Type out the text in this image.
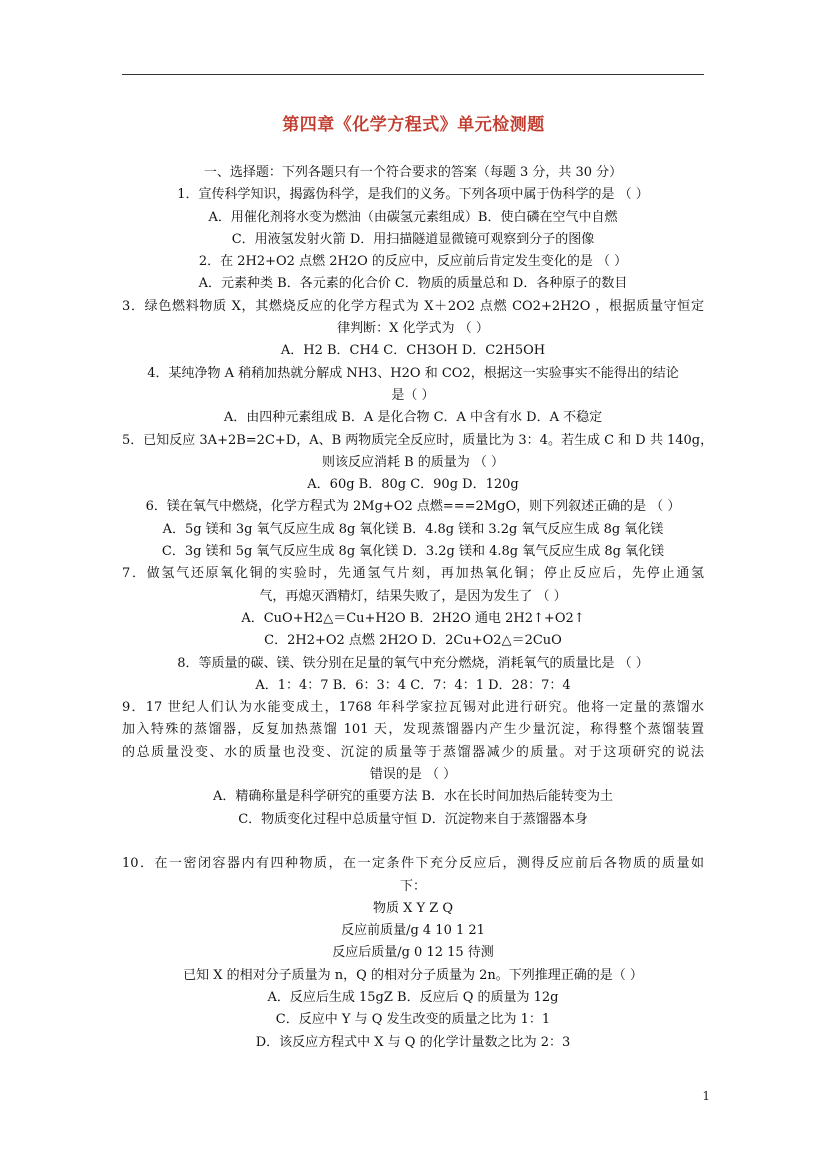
第四章《化学方程式》单元检测题
一、选择题：下列各题只有一个符合要求的答案（每题 3 分，共 30 分）
1．宣传科学知识，揭露伪科学，是我们的义务。下列各项中属于伪科学的是 （ ）
A．用催化剂将水变为燃油（由碳氢元素组成）B．使白磷在空气中自燃
C．用液氢发射火箭 D．用扫描隧道显微镜可观察到分子的图像
2．在 2H2+O2 点燃 2H2O 的反应中，反应前后肯定发生变化的是 （ ）
A．元素种类 B．各元素的化合价 C．物质的质量总和 D．各种原子的数目
3．绿色燃料物质 X，其燃烧反应的化学方程式为 X＋2O2 点燃 CO2+2H2O ，根据质量守恒定
律判断：X 化学式为 （ ）
A．H2 B．CH4 C．CH3OH D．C2H5OH
4．某纯净物 A 稍稍加热就分解成 NH3、H2O 和 CO2，根据这一实验事实不能得出的结论
是（ ）
A．由四种元素组成 B．A 是化合物 C．A 中含有水 D．A 不稳定
5．已知反应 3A+2B=2C+D，A、B 两物质完全反应时，质量比为 3：4。若生成 C 和 D 共 140g，
则该反应消耗 B 的质量为 （ ）
A．60g B．80g C．90g D．120g
6．镁在氧气中燃烧，化学方程式为 2Mg+O2 点燃===2MgO，则下列叙述正确的是 （ ）
A．5g 镁和 3g 氧气反应生成 8g 氧化镁 B．4.8g 镁和 3.2g 氧气反应生成 8g 氧化镁
C．3g 镁和 5g 氧气反应生成 8g 氧化镁 D．3.2g 镁和 4.8g 氧气反应生成 8g 氧化镁
7．做氢气还原氧化铜的实验时，先通氢气片刻，再加热氧化铜；停止反应后，先停止通氢
气，再熄灭酒精灯，结果失败了，是因为发生了 （ ）
A．CuO+H2△＝Cu+H2O B．2H2O 通电 2H2↑+O2↑
C．2H2+O2 点燃 2H2O D．2Cu+O2△＝2CuO
8．等质量的碳、镁、铁分别在足量的氧气中充分燃烧，消耗氧气的质量比是 （ ）
A．1：4：7 B．6：3：4 C．7：4：1 D．28：7：4
9．17 世纪人们认为水能变成土，1768 年科学家拉瓦锡对此进行研究。他将一定量的蒸馏水
加入特殊的蒸馏器，反复加热蒸馏 101 天，发现蒸馏器内产生少量沉淀，称得整个蒸馏装置
的总质量没变、水的质量也没变、沉淀的质量等于蒸馏器减少的质量。对于这项研究的说法
错误的是 （ ）
A．精确称量是科学研究的重要方法 B．水在长时间加热后能转变为土
C．物质变化过程中总质量守恒 D．沉淀物来自于蒸馏器本身
10．在一密闭容器内有四种物质，在一定条件下充分反应后，测得反应前后各物质的质量如
下：
物质 X Y Z Q
反应前质量/g 4 10 1 21
反应后质量/g 0 12 15 待测
已知 X 的相对分子质量为 n，Q 的相对分子质量为 2n。下列推理正确的是（ ）
A．反应后生成 15gZ B．反应后 Q 的质量为 12g
C．反应中 Y 与 Q 发生改变的质量之比为 1：1
D．该反应方程式中 X 与 Q 的化学计量数之比为 2：3
1
